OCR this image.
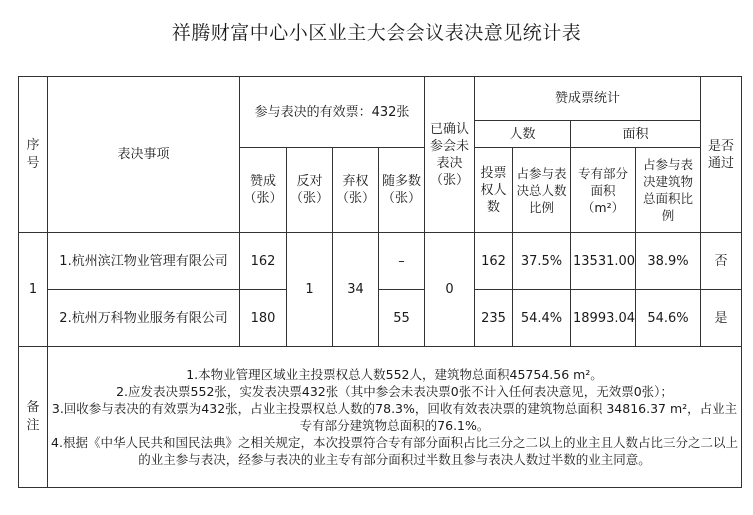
祥腾财富中心小区业主大会会议表决意见统计表
序号	表决事项	参与表决的有效票：432张				已确认参会未表决（张）	赞成票统计				是否通过
							人数		面积		
		赞成（张）	反对（张）	弃权（张）	随多数（张）		投票权人数	占参与表决总人数比例	专有部分面积（m²）	占参与表决建筑物总面积比例	
1	1.杭州滨江物业管理有限公司	162	1	34	–	0	162	37.5%	13531.00	38.9%	否
	2.杭州万科物业服务有限公司	180			55		235	54.4%	18993.04	54.6%	是
备注	1.本物业管理区域业主投票权总人数552人，建筑物总面积45754.56 m²。
2.应发表决票552张，实发表决票432张（其中参会未表决票0张不计入任何表决意见，无效票0张）；
3.回收参与表决的有效票为432张，占业主投票权总人数的78.3%，回收有效表决票的建筑物总面积 34816.37 m²，占业主专有部分建筑物总面积的76.1%。
4.根据《中华人民共和国民法典》之相关规定，本次投票符合专有部分面积占比三分之二以上的业主且人数占比三分之二以上的业主参与表决，经参与表决的业主专有部分面积过半数且参与表决人数过半数的业主同意。										
